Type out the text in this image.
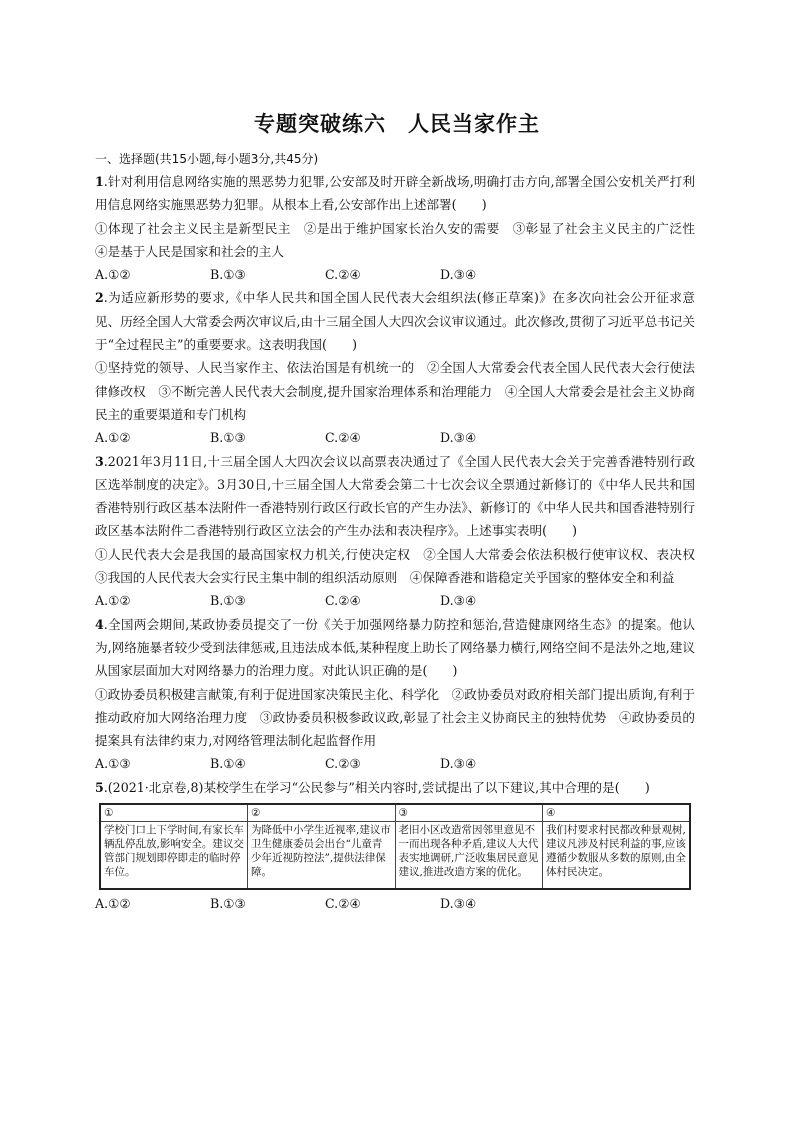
专题突破练六 人民当家作主
一、选择题(共15小题,每小题3分,共45分)

1.针对利用信息网络实施的黑恶势力犯罪,公安部及时开辟全新战场,明确打击方向,部署全国公安机关严打利用信息网络实施黑恶势力犯罪。从根本上看,公安部作出上述部署(　　)

①体现了社会主义民主是新型民主　②是出于维护国家长治久安的需要　③彰显了社会主义民主的广泛性　④是基于人民是国家和社会的主人

A.①②	B.①③	C.②④	D.③④

2.为适应新形势的要求,《中华人民共和国全国人民代表大会组织法(修正草案)》在多次向社会公开征求意见、历经全国人大常委会两次审议后,由十三届全国人大四次会议审议通过。此次修改,贯彻了习近平总书记关于“全过程民主”的重要要求。这表明我国(　　)

①坚持党的领导、人民当家作主、依法治国是有机统一的　②全国人大常委会代表全国人民代表大会行使法律修改权　③不断完善人民代表大会制度,提升国家治理体系和治理能力　④全国人大常委会是社会主义协商民主的重要渠道和专门机构

A.①②	B.①③	C.②④	D.③④

3.2021年3月11日,十三届全国人大四次会议以高票表决通过了《全国人民代表大会关于完善香港特别行政区选举制度的决定》。3月30日,十三届全国人大常委会第二十七次会议全票通过新修订的《中华人民共和国香港特别行政区基本法附件一香港特别行政区行政长官的产生办法》、新修订的《中华人民共和国香港特别行政区基本法附件二香港特别行政区立法会的产生办法和表决程序》。上述事实表明(　　)

①人民代表大会是我国的最高国家权力机关,行使决定权　②全国人大常委会依法积极行使审议权、表决权　③我国的人民代表大会实行民主集中制的组织活动原则　④保障香港和谐稳定关乎国家的整体安全和利益

A.①②	B.①③	C.②④	D.③④

4.全国两会期间,某政协委员提交了一份《关于加强网络暴力防控和惩治,营造健康网络生态》的提案。他认为,网络施暴者较少受到法律惩戒,且违法成本低,某种程度上助长了网络暴力横行,网络空间不是法外之地,建议从国家层面加大对网络暴力的治理力度。对此认识正确的是(　　)

①政协委员积极建言献策,有利于促进国家决策民主化、科学化　②政协委员对政府相关部门提出质询,有利于推动政府加大网络治理力度　③政协委员积极参政议政,彰显了社会主义协商民主的独特优势　④政协委员的提案具有法律约束力,对网络管理法制化起监督作用

A.①③	B.①④	C.②③	D.③④

5.(2021·北京卷,8)某校学生在学习“公民参与”相关内容时,尝试提出了以下建议,其中合理的是(　　)

①	②	③	④
学校门口上下学时间,有家长车辆乱停乱放,影响安全。建议交管部门规划即停即走的临时停车位。	为降低中小学生近视率,建议市卫生健康委员会出台“儿童青少年近视防控法”,提供法律保障。	老旧小区改造常因邻里意见不一而出现各种矛盾,建议人大代表实地调研,广泛收集居民意见建议,推进改造方案的优化。	我们村要求村民都改种景观树,建议凡涉及村民利益的事,应该遵循少数服从多数的原则,由全体村民决定。
A.①②	B.①③	C.②④	D.③④
